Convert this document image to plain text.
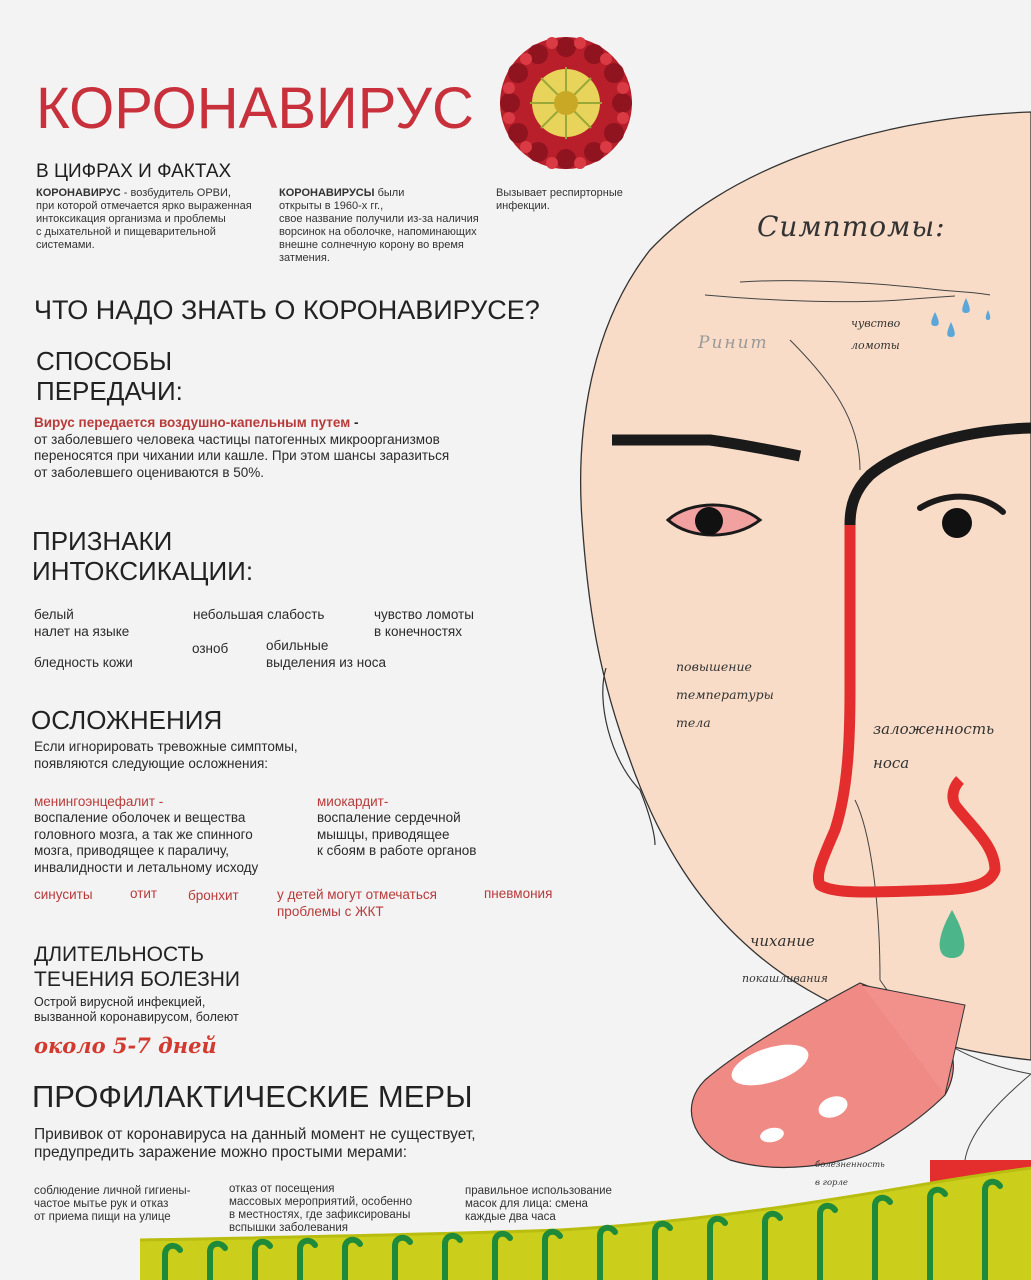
КОРОНАВИРУС
В ЦИФРАХ И ФАКТАХ
КОРОНАВИРУС - возбудитель ОРВИ,
при которой отмечается ярко выраженная
интоксикация организма и проблемы
с дыхательной и пищеварительной
системами.
КОРОНАВИРУСЫ были
открыты в 1960-х гг.,
свое название получили из-за наличия
ворсинок на оболочке, напоминающих
внешне солнечную корону во время
затмения.
Вызывает респирторные
инфекции.
ЧТО НАДО ЗНАТЬ О КОРОНАВИРУСЕ?
СПОСОБЫ
ПЕРЕДАЧИ:
Вирус передается воздушно-капельным путем -
от заболевшего человека частицы патогенных микроорганизмов
переносятся при чихании или кашле. При этом шансы заразиться
от заболевшего оцениваются в 50%.
ПРИЗНАКИ
ИНТОКСИКАЦИИ:
белый
налет на языке
небольшая слабость	чувство ломоты
в конечностях
озноб	обильные
выделения из носа
бледность кожи
ОСЛОЖНЕНИЯ
Если игнорировать тревожные симптомы,
появляются следующие осложнения:
менингоэнцефалит -
воспаление оболочек и вещества
головного мозга, а так же спинного
мозга, приводящее к параличу,
инвалидности и летальному исходу
миокардит-
воспаление сердечной
мышцы, приводящее
к сбоям в работе органов
синуситы	отит бронхит	у детей могут отмечаться
проблемы с ЖКТ
пневмония
ДЛИТЕЛЬНОСТЬ
ТЕЧЕНИЯ БОЛЕЗНИ
Острой вирусной инфекцией,
вызванной коронавирусом, болеют
около 5-7 дней
ПРОФИЛАКТИЧЕСКИЕ МЕРЫ
Прививок от коронавируса на данный момент не существует,
предупредить заражение можно простыми мерами:
соблюдение личной гигиены-
частое мытье рук и отказ
от приема пищи на улице
отказ от посещения
массовых мероприятий, особенно
в местностях, где зафиксированы
вспышки заболевания
правильное использование
масок для лица: смена
каждые два часа
Симптомы:
Ринит
чувство
ломоты
повышение
температуры
тела	заложенность
носа
чихание
покашливания
болезненность
в горле
